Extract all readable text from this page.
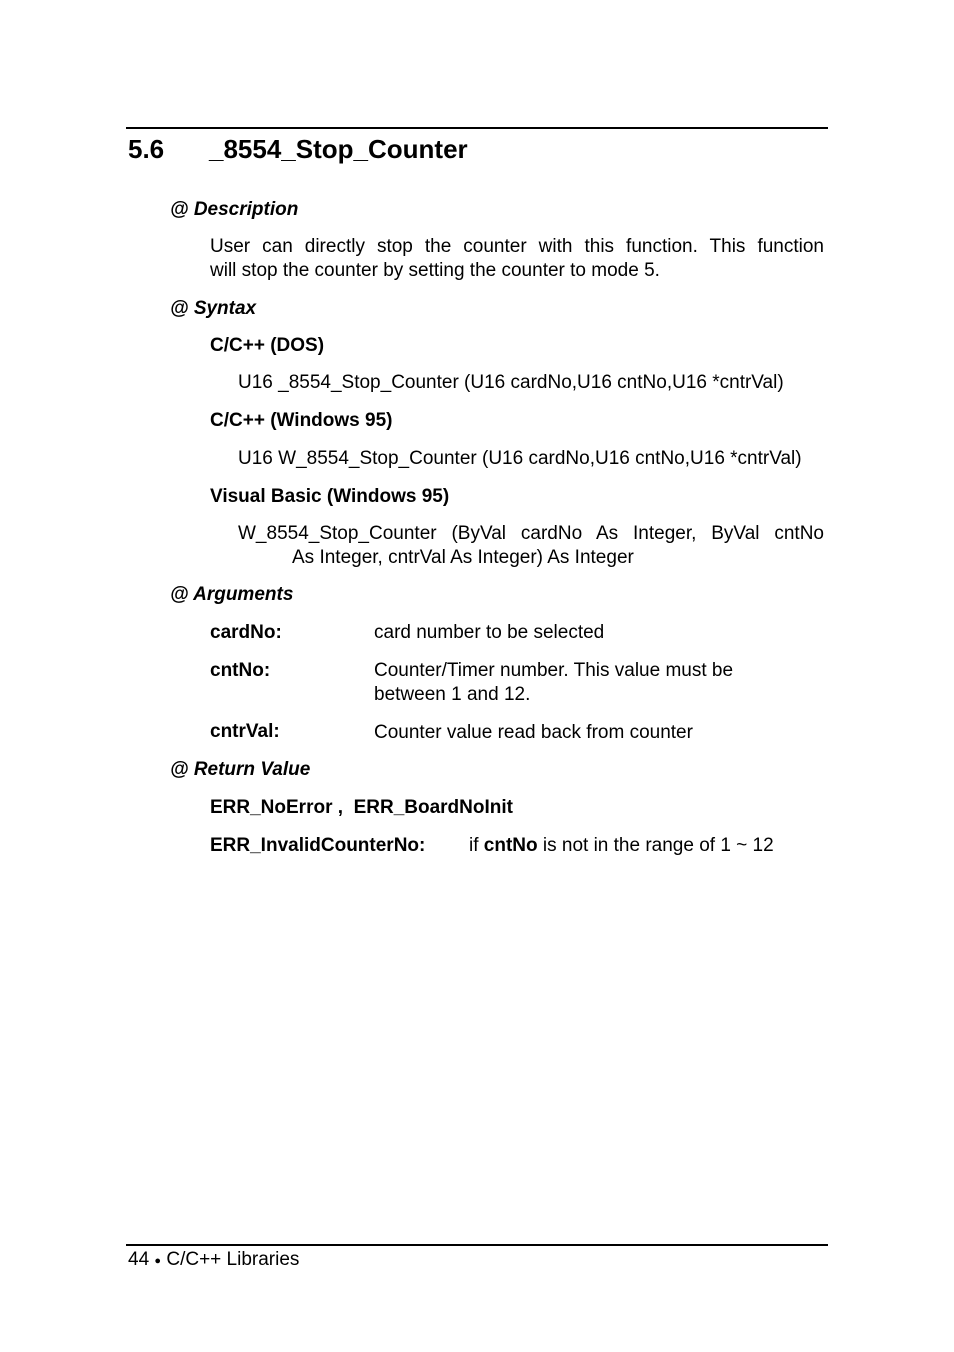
5.6 _8554_Stop_Counter
@ Description
User can directly stop the counter with this function. This function
will stop the counter by setting the counter to mode 5.
@ Syntax
C/C++ (DOS)
U16 _8554_Stop_Counter (U16 cardNo,U16 cntNo,U16 *cntrVal)
C/C++ (Windows 95)
U16 W_8554_Stop_Counter (U16 cardNo,U16 cntNo,U16 *cntrVal)
Visual Basic (Windows 95)
W_8554_Stop_Counter (ByVal cardNo As Integer, ByVal cntNo
As Integer, cntrVal As Integer) As Integer
@ Arguments
cardNo:	card number to be selected
cntNo:	Counter/Timer number. This value must be
between 1 and 12.
cntrVal:	Counter value read back from counter
@ Return Value
ERR_NoError ,  ERR_BoardNoInit
ERR_InvalidCounterNo: if cntNo is not in the range of 1 ~ 12
44 ● C/C++ Libraries
